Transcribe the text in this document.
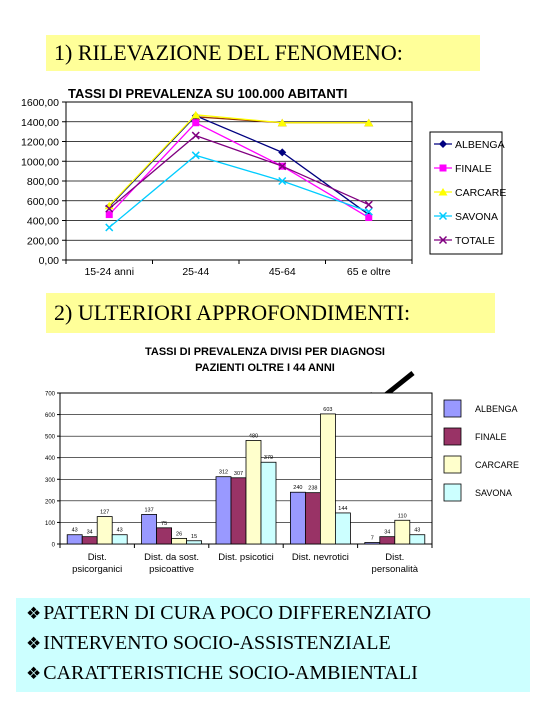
1) RILEVAZIONE DEL FENOMENO:
TASSI DI PREVALENZA SU 100.000 ABITANTI
0,00
200,00
400,00
600,00
800,00
1000,00
1200,00
1400,00
1600,00
15-24 anni	25-44	45-64	65 e oltre
ALBENGA
FINALE
CARCARE
SAVONA
TOTALE
2) ULTERIORI APPROFONDIMENTI:
TASSI DI PREVALENZA DIVISI PER DIAGNOSI
PAZIENTI OLTRE I 44 ANNI
0
100
200
300
400
500
600
700
Dist.
psicorganici
Dist. da sost.
psicoattive
Dist. psicotici Dist. nevrotici	Dist.
personalità
43
137
312
240
7
34
75
307
238
34
127
26
480
603
110
43
15
379
144
43
ALBENGA
FINALE
CARCARE
SAVONA
❖ PATTERN DI CURA POCO DIFFERENZIATO
❖ INTERVENTO SOCIO-ASSISTENZIALE
❖ CARATTERISTICHE SOCIO-AMBIENTALI
